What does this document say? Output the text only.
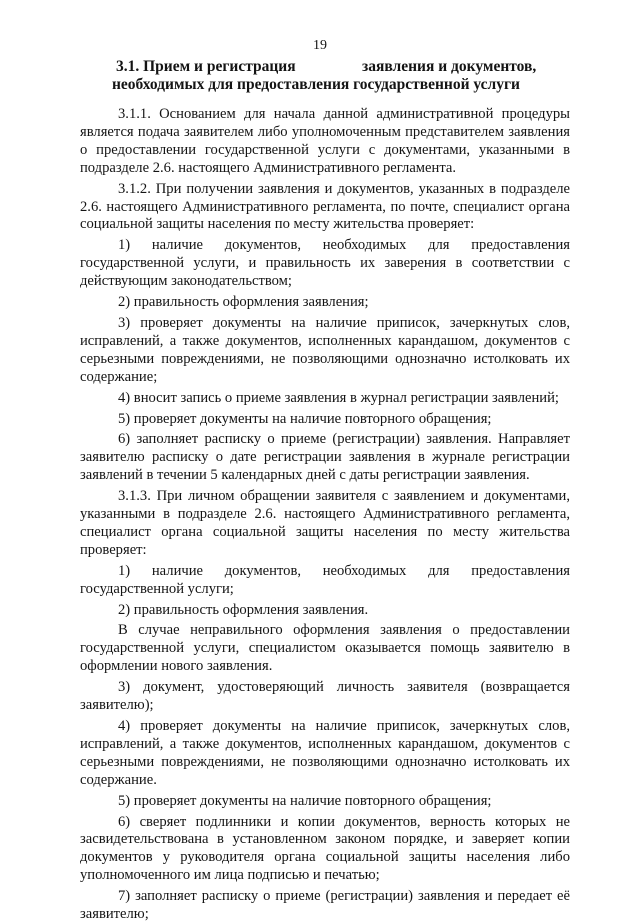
19
3.1. Прием и регистрация	заявления и документов,
необходимых для предоставления государственной услуги

3.1.1. Основанием для начала данной административной процедуры является подача заявителем либо уполномоченным представителем заявления о предоставлении государственной услуги с документами, указанными в подразделе 2.6. настоящего Административного регламента.

3.1.2. При получении заявления и документов, указанных в подразделе 2.6. настоящего Административного регламента, по почте, специалист органа социальной защиты населения по месту жительства проверяет:

1) наличие документов, необходимых для предоставления государственной услуги, и правильность их заверения в соответствии с действующим законодательством;

2) правильность оформления заявления;

3) проверяет документы на наличие приписок, зачеркнутых слов, исправлений, а также документов, исполненных карандашом, документов с серьезными повреждениями, не позволяющими однозначно истолковать их содержание;

4) вносит запись о приеме заявления в журнал регистрации заявлений;

5) проверяет документы на наличие повторного обращения;

6) заполняет расписку о приеме (регистрации) заявления. Направляет заявителю расписку о дате регистрации заявления в журнале регистрации заявлений в течении 5 календарных дней с даты регистрации заявления.

3.1.3. При личном обращении заявителя с заявлением и документами, указанными в подразделе 2.6. настоящего Административного регламента, специалист органа социальной защиты населения по месту жительства проверяет:

1) наличие документов, необходимых для предоставления государственной услуги;

2) правильность оформления заявления.

В случае неправильного оформления заявления о предоставлении государственной услуги, специалистом оказывается помощь заявителю в оформлении нового заявления.

3) документ, удостоверяющий личность заявителя (возвращается заявителю);

4) проверяет документы на наличие приписок, зачеркнутых слов, исправлений, а также документов, исполненных карандашом, документов с серьезными повреждениями, не позволяющими однозначно истолковать их содержание.

5) проверяет документы на наличие повторного обращения;

6) сверяет подлинники и копии документов, верность которых не засвидетельствована в установленном законом порядке, и заверяет копии документов у руководителя органа социальной защиты населения либо уполномоченного им лица подписью и печатью;

7) заполняет расписку о приеме (регистрации) заявления и передает её заявителю;
